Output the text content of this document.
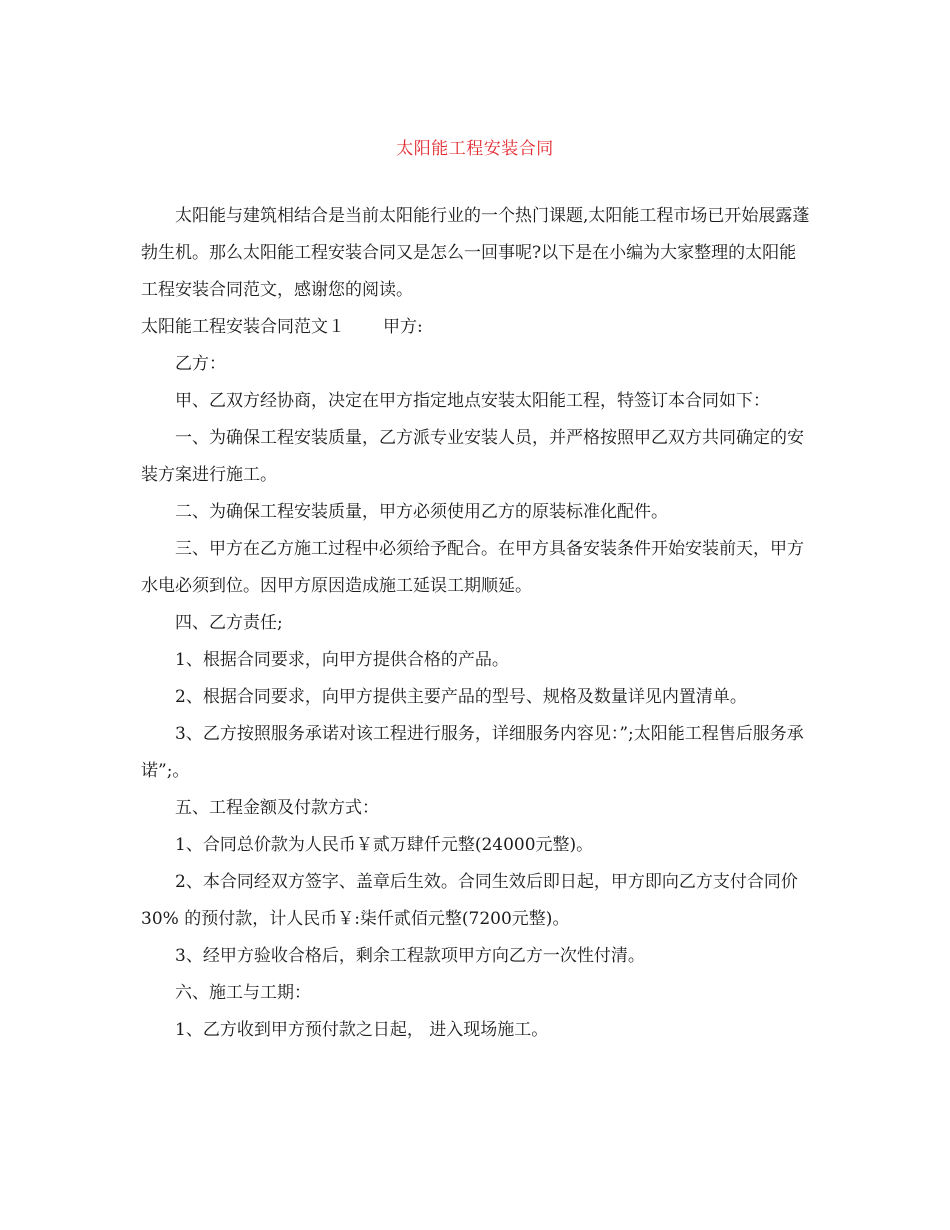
太阳能工程安装合同

太阳能与建筑相结合是当前太阳能行业的一个热门课题,太阳能工程市场已开始展露蓬勃生机。那么太阳能工程安装合同又是怎么一回事呢?以下是在小编为大家整理的太阳能工程安装合同范文，感谢您的阅读。

太阳能工程安装合同范文１ 甲方:

乙方：

甲、乙双方经协商，决定在甲方指定地点安装太阳能工程，特签订本合同如下：

一、为确保工程安装质量，乙方派专业安装人员，并严格按照甲乙双方共同确定的安装方案进行施工。

二、为确保工程安装质量，甲方必须使用乙方的原装标准化配件。

三、甲方在乙方施工过程中必须给予配合。在甲方具备安装条件开始安装前天，甲方水电必须到位。因甲方原因造成施工延误工期顺延。

四、乙方责任;

1、根据合同要求，向甲方提供合格的产品。

2、根据合同要求，向甲方提供主要产品的型号、规格及数量详见内置清单。

3、乙方按照服务承诺对该工程进行服务，详细服务内容见：”;太阳能工程售后服务承诺”;。

五、工程金额及付款方式：

1、合同总价款为人民币￥贰万肆仟元整(24000元整)。

2、本合同经双方签字、盖章后生效。合同生效后即日起，甲方即向乙方支付合同价30% 的预付款，计人民币￥:柒仟贰佰元整(7200元整)。

3、经甲方验收合格后，剩余工程款项甲方向乙方一次性付清。

六、施工与工期：

1、乙方收到甲方预付款之日起， 进入现场施工。
